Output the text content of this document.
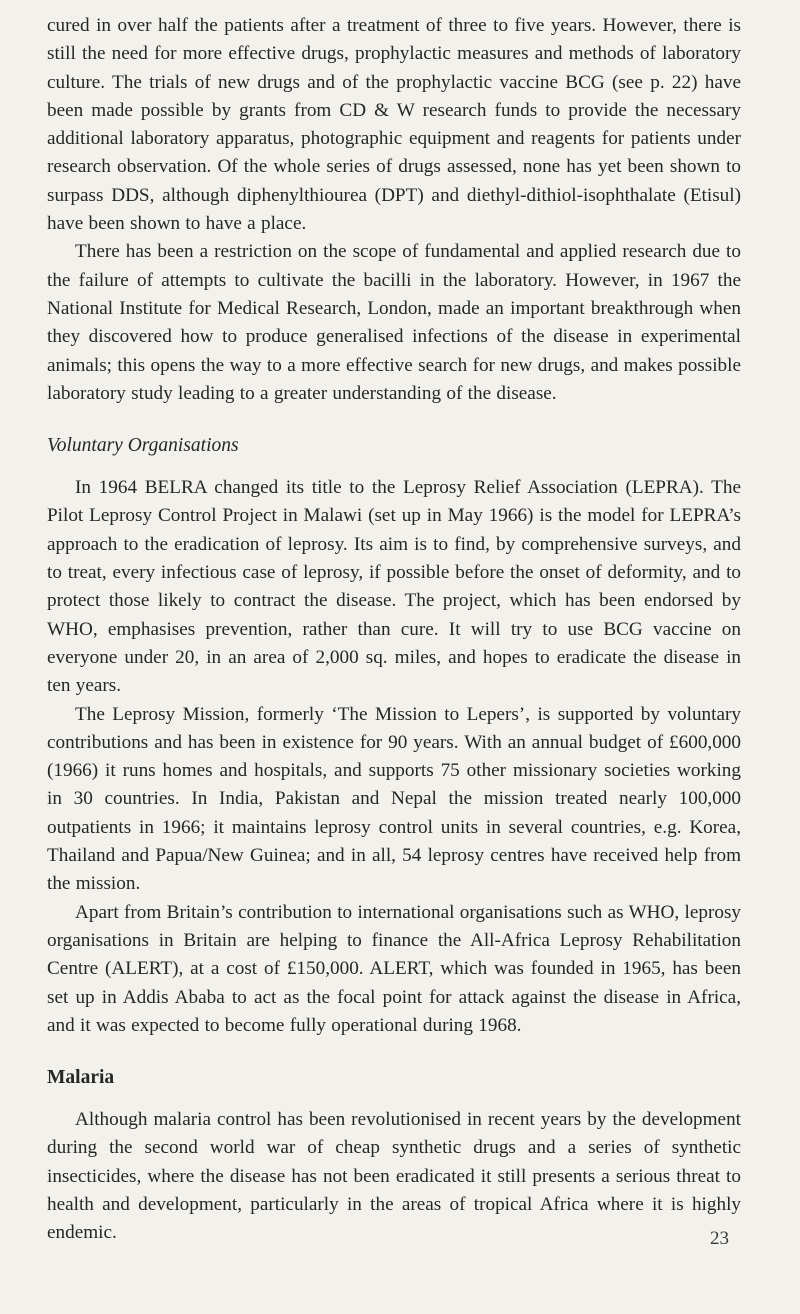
cured in over half the patients after a treatment of three to five years. However, there is still the need for more effective drugs, prophylactic measures and methods of laboratory culture. The trials of new drugs and of the prophylactic vaccine BCG (see p. 22) have been made possible by grants from CD & W research funds to provide the necessary additional laboratory apparatus, photographic equipment and reagents for patients under research observation. Of the whole series of drugs assessed, none has yet been shown to surpass DDS, although diphenylthiourea (DPT) and diethyl-dithiol-isophthalate (Etisul) have been shown to have a place.

There has been a restriction on the scope of fundamental and applied research due to the failure of attempts to cultivate the bacilli in the laboratory. However, in 1967 the National Institute for Medical Research, London, made an important breakthrough when they discovered how to produce generalised infections of the disease in experimental animals; this opens the way to a more effective search for new drugs, and makes possible laboratory study leading to a greater understanding of the disease.

Voluntary Organisations

In 1964 BELRA changed its title to the Leprosy Relief Association (LEPRA). The Pilot Leprosy Control Project in Malawi (set up in May 1966) is the model for LEPRA’s approach to the eradication of leprosy. Its aim is to find, by comprehensive surveys, and to treat, every infectious case of leprosy, if possible before the onset of deformity, and to protect those likely to contract the disease. The project, which has been endorsed by WHO, emphasises prevention, rather than cure. It will try to use BCG vaccine on everyone under 20, in an area of 2,000 sq. miles, and hopes to eradicate the disease in ten years.

The Leprosy Mission, formerly ‘The Mission to Lepers’, is supported by voluntary contributions and has been in existence for 90 years. With an annual budget of £600,000 (1966) it runs homes and hospitals, and supports 75 other missionary societies working in 30 countries. In India, Pakistan and Nepal the mission treated nearly 100,000 outpatients in 1966; it maintains leprosy control units in several countries, e.g. Korea, Thailand and Papua/New Guinea; and in all, 54 leprosy centres have received help from the mission.

Apart from Britain’s contribution to international organisations such as WHO, leprosy organisations in Britain are helping to finance the All-Africa Leprosy Rehabilitation Centre (ALERT), at a cost of £150,000. ALERT, which was founded in 1965, has been set up in Addis Ababa to act as the focal point for attack against the disease in Africa, and it was expected to become fully operational during 1968.

Malaria

Although malaria control has been revolutionised in recent years by the development during the second world war of cheap synthetic drugs and a series of synthetic insecticides, where the disease has not been eradicated it still presents a serious threat to health and development, particularly in the areas of tropical Africa where it is highly endemic.	23
